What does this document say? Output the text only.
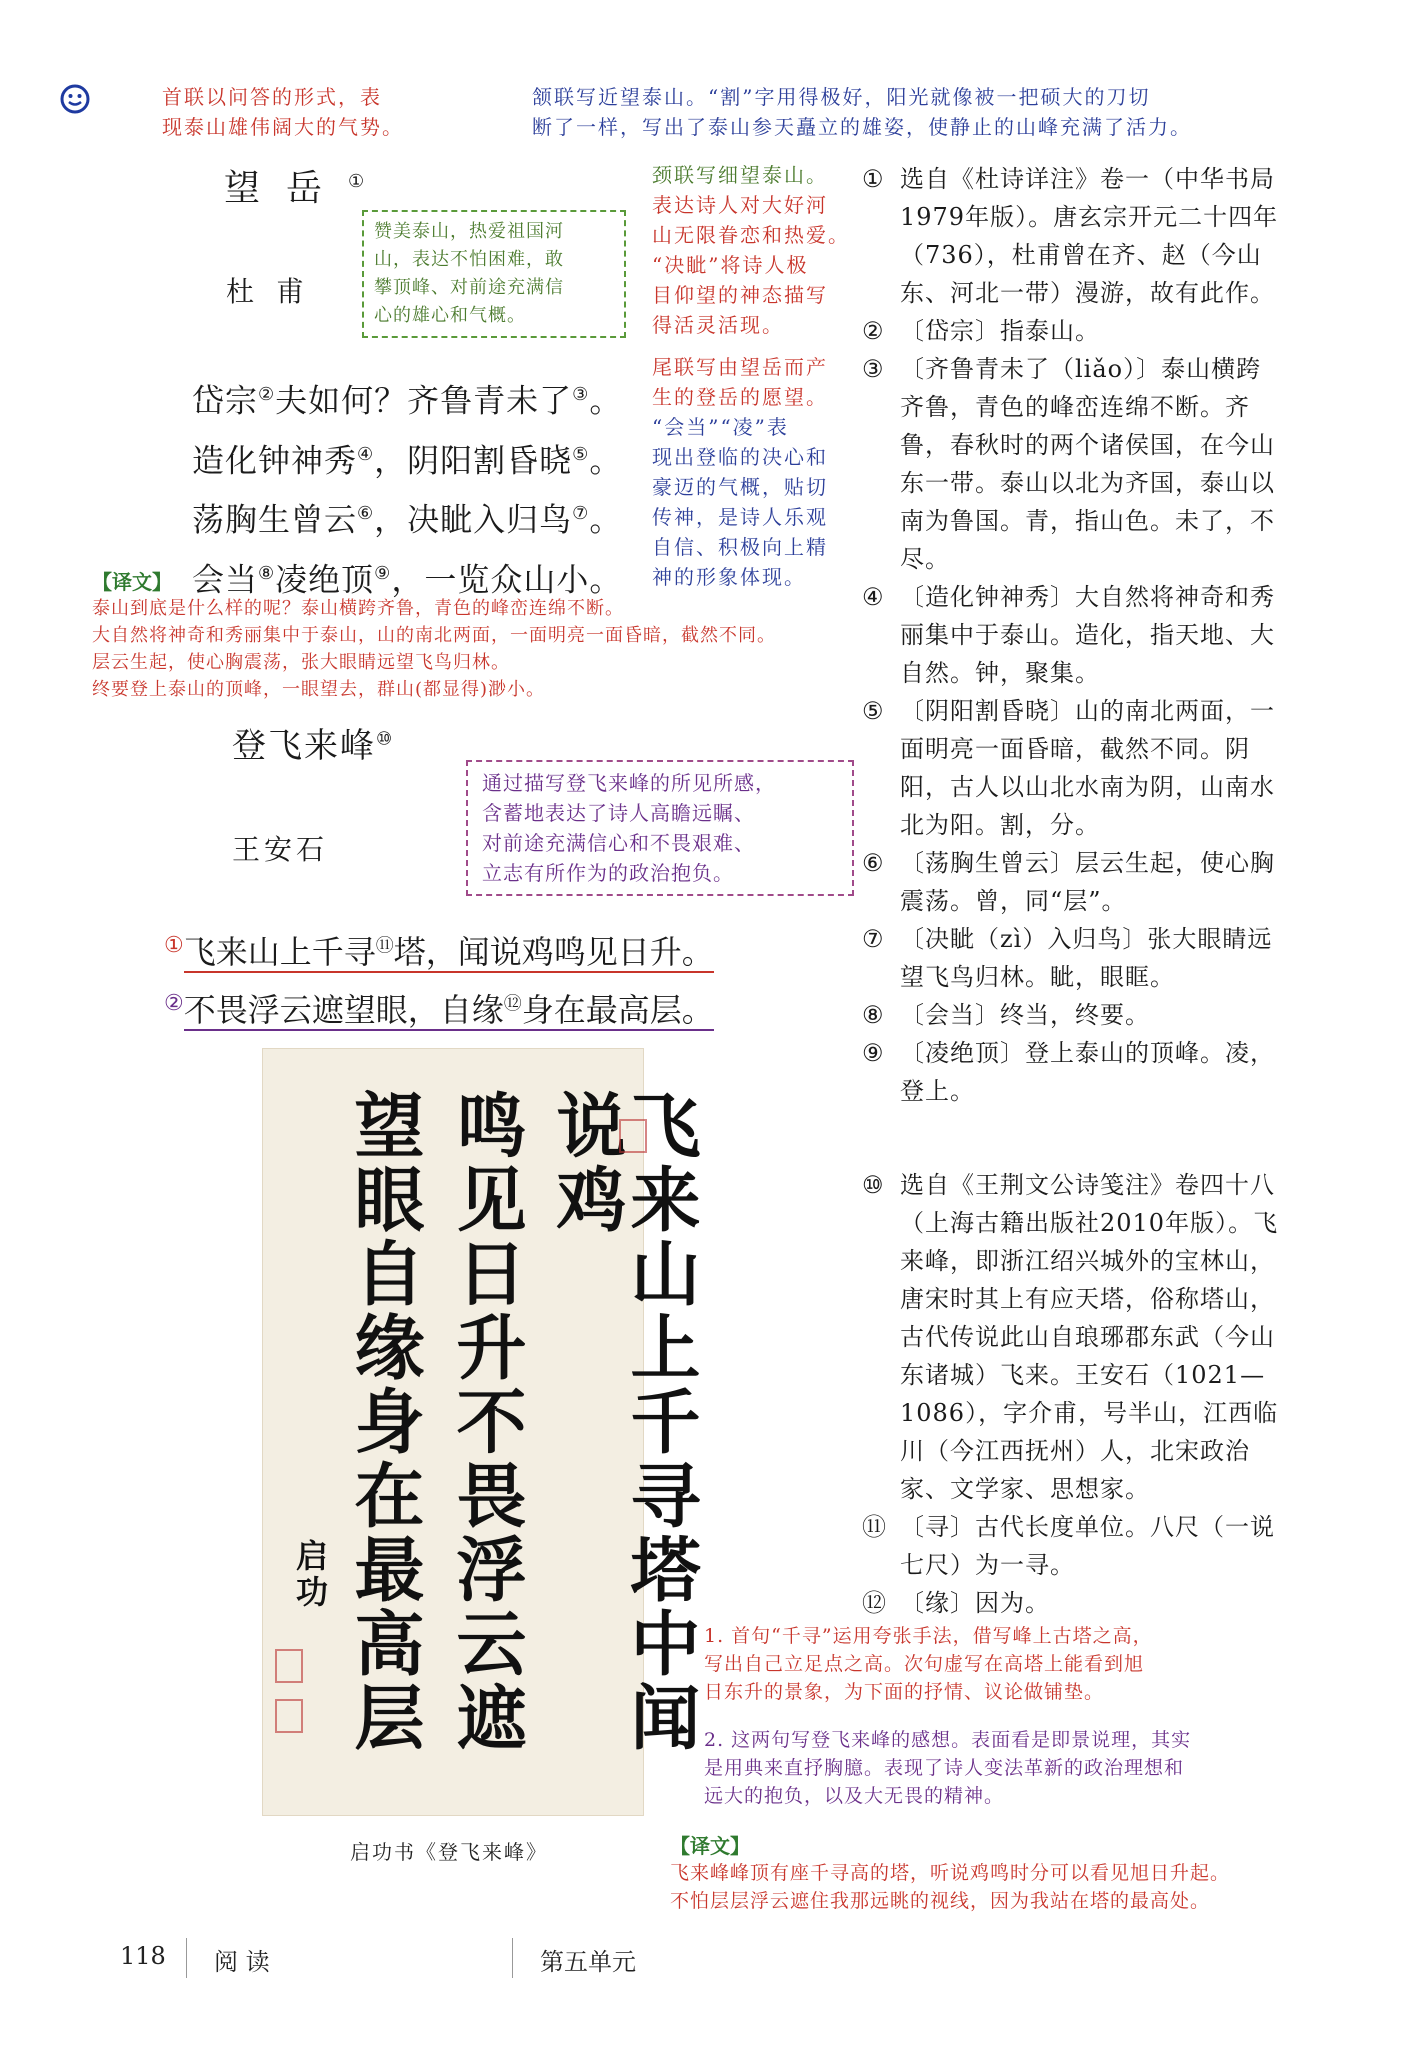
首联以问答的形式，表
现泰山雄伟阔大的气势。
颔联写近望泰山。“割”字用得极好，阳光就像被一把硕大的刀切
断了一样，写出了泰山参天矗立的雄姿，使静止的山峰充满了活力。
望岳①
杜甫
赞美泰山，热爱祖国河
山，表达不怕困难，敢
攀顶峰、对前途充满信
心的雄心和气概。
颈联写细望泰山。
表达诗人对大好河
山无限眷恋和热爱。
“决眦”将诗人极
目仰望的神态描写
得活灵活现。
尾联写由望岳而产
生的登岳的愿望。
“会当”“凌”表
现出登临的决心和
豪迈的气概，贴切
传神，是诗人乐观
自信、积极向上精
神的形象体现。
岱宗②夫如何？齐鲁青未了③。
造化钟神秀④，阴阳割昏晓⑤。
荡胸生曾云⑥，决眦入归鸟⑦。
会当⑧凌绝顶⑨，一览众山小。
【译文】
泰山到底是什么样的呢？泰山横跨齐鲁，青色的峰峦连绵不断。
大自然将神奇和秀丽集中于泰山，山的南北两面，一面明亮一面昏暗，截然不同。
层云生起，使心胸震荡，张大眼睛远望飞鸟归林。
终要登上泰山的顶峰，一眼望去，群山(都显得)渺小。
登飞来峰⑩
王安石
通过描写登飞来峰的所见所感，
含蓄地表达了诗人高瞻远瞩、
对前途充满信心和不畏艰难、
立志有所作为的政治抱负。
①飞来山上千寻⑪塔，闻说鸡鸣见日升。
②不畏浮云遮望眼，自缘⑫身在最高层。
飞来山上千寻塔中闻说鸡
鸣见日升不畏浮云遮
望眼自缘身在最高层
启功
启功书《登飞来峰》
① 选自《杜诗详注》卷一（中华书局1979年版）。唐玄宗开元二十四年（736），杜甫曾在齐、赵（今山东、河北一带）漫游，故有此作。
② 〔岱宗〕指泰山。
③ 〔齐鲁青未了（liǎo）〕泰山横跨齐鲁，青色的峰峦连绵不断。齐鲁，春秋时的两个诸侯国，在今山东一带。泰山以北为齐国，泰山以南为鲁国。青，指山色。未了，不尽。
④ 〔造化钟神秀〕大自然将神奇和秀丽集中于泰山。造化，指天地、大自然。钟，聚集。
⑤ 〔阴阳割昏晓〕山的南北两面，一面明亮一面昏暗，截然不同。阴阳，古人以山北水南为阴，山南水北为阳。割，分。
⑥ 〔荡胸生曾云〕层云生起，使心胸震荡。曾，同“层”。
⑦ 〔决眦（zì）入归鸟〕张大眼睛远望飞鸟归林。眦，眼眶。
⑧ 〔会当〕终当，终要。
⑨ 〔凌绝顶〕登上泰山的顶峰。凌，登上。
⑩ 选自《王荆文公诗笺注》卷四十八（上海古籍出版社2010年版）。飞来峰，即浙江绍兴城外的宝林山，唐宋时其上有应天塔，俗称塔山，古代传说此山自琅琊郡东武（今山东诸城）飞来。王安石（1021—1086），字介甫，号半山，江西临川（今江西抚州）人，北宋政治家、文学家、思想家。
⑪ 〔寻〕古代长度单位。八尺（一说七尺）为一寻。
⑫ 〔缘〕因为。
1. 首句“千寻”运用夸张手法，借写峰上古塔之高，
写出自己立足点之高。次句虚写在高塔上能看到旭
日东升的景象，为下面的抒情、议论做铺垫。
2. 这两句写登飞来峰的感想。表面看是即景说理，其实
是用典来直抒胸臆。表现了诗人变法革新的政治理想和
远大的抱负，以及大无畏的精神。
【译文】
飞来峰峰顶有座千寻高的塔，听说鸡鸣时分可以看见旭日升起。
不怕层层浮云遮住我那远眺的视线，因为我站在塔的最高处。
118 阅 读	第五单元
